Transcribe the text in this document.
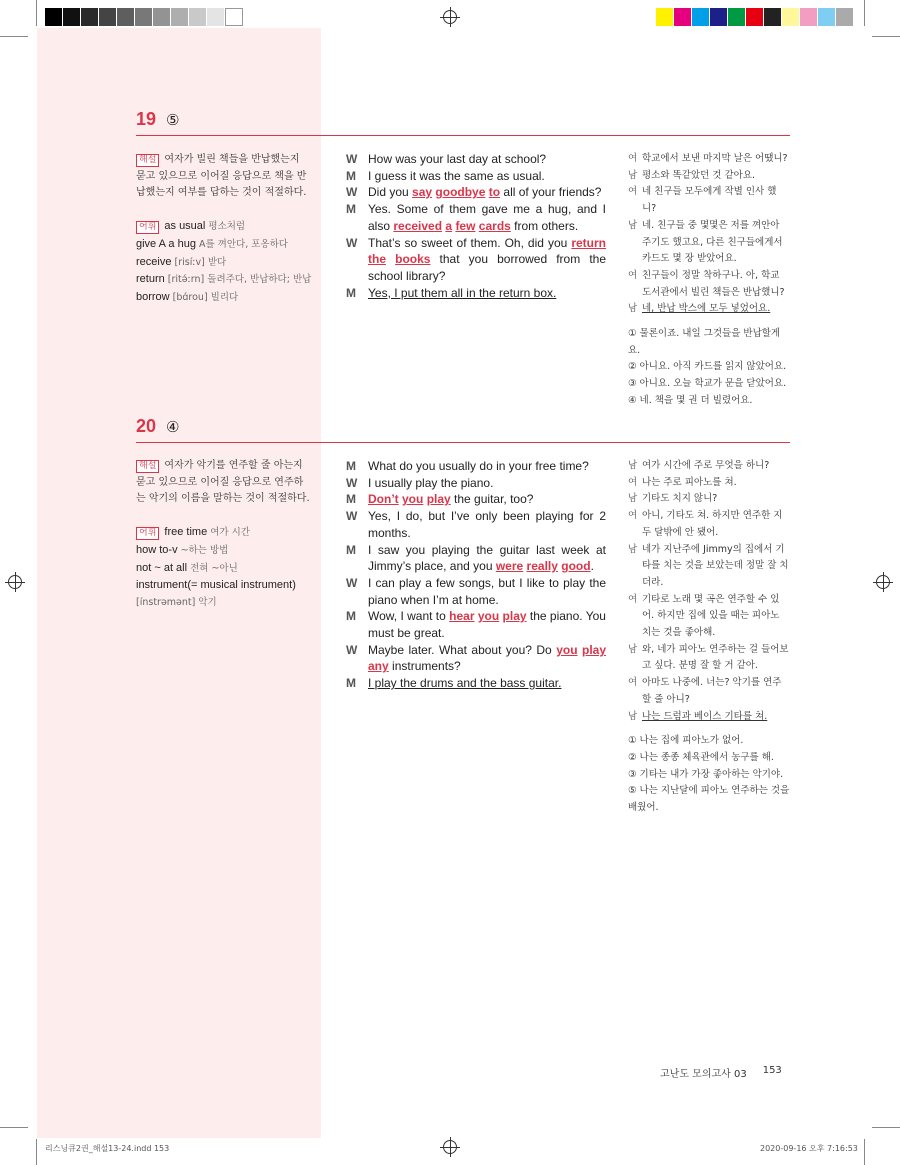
19 ⑤
해설 여자가 빌린 책들을 반납했는지 묻고 있으므로 이어질 응답으로 책을 반납했는지 여부를 답하는 것이 적절하다.

어휘 as usual 평소처럼

give A a hug A를 껴안다, 포옹하다

receive [risíːv] 받다

return [ritə́ːrn] 돌려주다, 반납하다; 반납

borrow [bɑ́rou] 빌리다

W How was your last day at school?
M	I guess it was the same as usual.
W Did you say goodbye to all of your friends?
M	Yes. Some of them gave me a hug, and I also received a few cards from others.
W That’s so sweet of them. Oh, did you return the books that you borrowed from the school library?
M	Yes, I put them all in the return box.
여 학교에서 보낸 마지막 날은 어땠니?
남 평소와 똑같았던 것 같아요.
여 네 친구들 모두에게 작별 인사 했니?
남 네. 친구들 중 몇몇은 저를 껴안아 주기도 했고요, 다른 친구들에게서 카드도 몇 장 받았어요.
여 친구들이 정말 착하구나. 아, 학교 도서관에서 빌린 책들은 반납했니?
남 네, 반납 박스에 모두 넣었어요.
① 물론이죠. 내일 그것들을 반납할게요.
② 아니요. 아직 카드를 읽지 않았어요.
③ 아니요. 오늘 학교가 문을 닫았어요.
④ 네. 책을 몇 권 더 빌렸어요.
20 ④
해설 여자가 악기를 연주할 줄 아는지 묻고 있으므로 이어질 응답으로 연주하는 악기의 이름을 말하는 것이 적절하다.

어휘 free time 여가 시간

how to-v ~하는 방법

not ~ at all 전혀 ~아닌

instrument(= musical instrument)

[ínstrəmənt] 악기

M	What do you usually do in your free time?
W I usually play the piano.
M	Don’t you play the guitar, too?
W Yes, I do, but I’ve only been playing for 2 months.
M	I saw you playing the guitar last week at Jimmy’s place, and you were really good.
W I can play a few songs, but I like to play the piano when I’m at home.
M	Wow, I want to hear you play the piano. You must be great.
W Maybe later. What about you? Do you play any instruments?
M	I play the drums and the bass guitar.
남 여가 시간에 주로 무엇을 하니?
여 나는 주로 피아노를 쳐.
남 기타도 치지 않니?
여 아니, 기타도 쳐. 하지만 연주한 지 두 달밖에 안 됐어.
남 네가 지난주에 Jimmy의 집에서 기타를 치는 것을 보았는데 정말 잘 치더라.
여 기타로 노래 몇 곡은 연주할 수 있어. 하지만 집에 있을 때는 피아노 치는 것을 좋아해.
남 와, 네가 피아노 연주하는 걸 들어보고 싶다. 분명 잘 할 거 같아.
여 아마도 나중에. 너는? 악기를 연주할 줄 아니?
남 나는 드럼과 베이스 기타를 쳐.
① 나는 집에 피아노가 없어.
② 나는 종종 체육관에서 농구를 해.
③ 기타는 내가 가장 좋아하는 악기야.
⑤ 나는 지난달에 피아노 연주하는 것을 배웠어.
고난도 모의고사 03 153
리스닝큐2권_해설13-24.indd 153	2020-09-16 오후 7:16:53
